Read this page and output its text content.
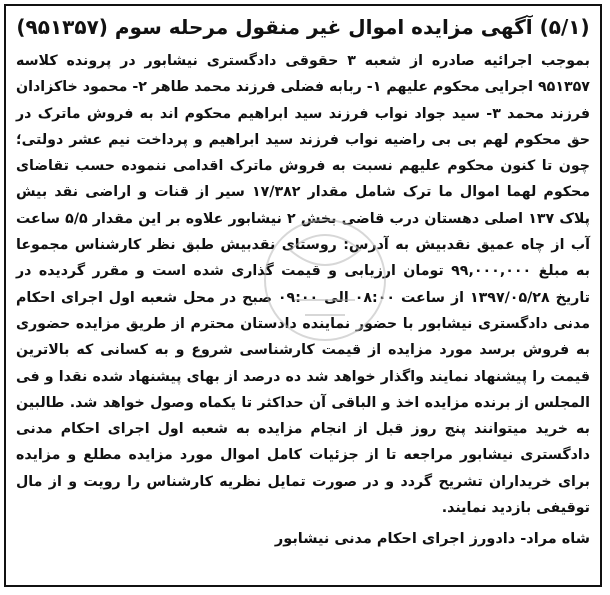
(۵/۱) آگهی مزایده اموال غیر منقول مرحله سوم (۹۵۱۳۵۷)

بموجب اجرائیه صادره از شعبه ۳ حقوقی دادگستری نیشابور در پرونده کلاسه ۹۵۱۳۵۷ اجرایی محکوم علیهم ۱- ربابه فضلی فرزند محمد طاهر ۲- محمود خاکزادان فرزند محمد ۳- سید جواد نواب فرزند سید ابراهیم محکوم اند به فروش ماترک در حق محکوم لهم بی بی راضیه نواب فرزند سید ابراهیم و پرداخت نیم عشر دولتی؛ چون تا کنون محکوم علیهم نسبت به فروش ماترک اقدامی ننموده حسب تقاضای محکوم لهما اموال ما ترک شامل مقدار ۱۷/۳۸۲ سیر از قنات و اراضی نقد بیش پلاک ۱۳۷ اصلی دهستان درب قاضی بخش ۲ نیشابور علاوه بر این مقدار ۵/۵ ساعت آب از چاه عمیق نقدبیش به آدرس: روستای نقدبیش طبق نظر کارشناس مجموعا به مبلغ ۹۹,۰۰۰,۰۰۰ تومان ارزیابی و قیمت گذاری شده است و مقرر گردیده در تاریخ ۱۳۹۷/۰۵/۲۸ از ساعت ۰۸:۰۰ الی ۰۹:۰۰ صبح در محل شعبه اول اجرای احکام مدنی دادگستری نیشابور با حضور نماینده دادستان محترم از طریق مزایده حضوری به فروش برسد مورد مزایده از قیمت کارشناسی شروع و به کسانی که بالاترین قیمت را پیشنهاد نمایند واگذار خواهد شد ده درصد از بهای پیشنهاد شده نقدا و فی المجلس از برنده مزایده اخذ و الباقی آن حداکثر تا یکماه وصول خواهد شد. طالبین به خرید میتوانند پنج روز قبل از انجام مزایده به شعبه اول اجرای احکام مدنی دادگستری نیشابور مراجعه تا از جزئیات کامل اموال مورد مزایده مطلع و مزایده برای خریداران تشریح گردد و در صورت تمایل نظریه کارشناس را رویت و از مال توقیفی بازدید نمایند.

شاه مراد- دادورز اجرای احکام مدنی نیشابور
